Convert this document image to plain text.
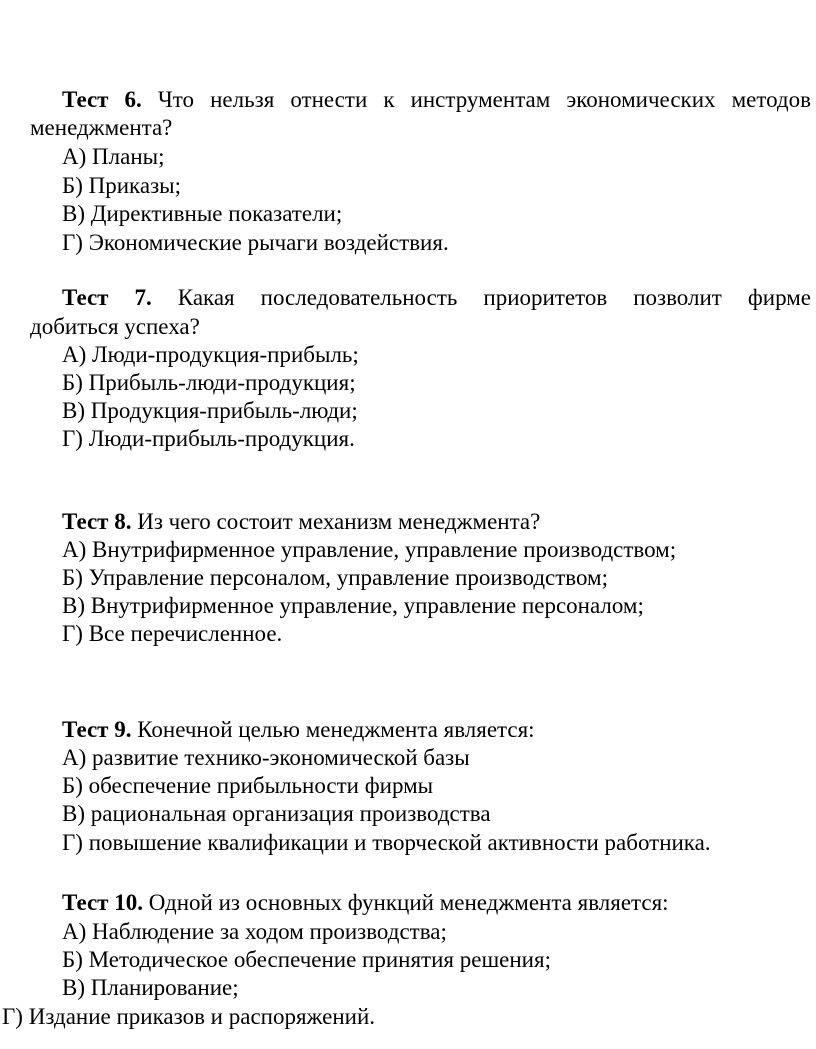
Тест 6. Что нельзя отнести к инструментам экономических методов
менеджмента?
А) Планы;
Б) Приказы;
В) Директивные показатели;
Г) Экономические рычаги воздействия.
Тест 7. Какая последовательность приоритетов позволит фирме
добиться успеха?
А) Люди-продукция-прибыль;
Б) Прибыль-люди-продукция;
В) Продукция-прибыль-люди;
Г) Люди-прибыль-продукция.
Тест 8. Из чего состоит механизм менеджмента?
А) Внутрифирменное управление, управление производством;
Б) Управление персоналом, управление производством;
В) Внутрифирменное управление, управление персоналом;
Г) Все перечисленное.
Тест 9. Конечной целью менеджмента является:
А) развитие технико-экономической базы
Б) обеспечение прибыльности фирмы
В) рациональная организация производства
Г) повышение квалификации и творческой активности работника.
Тест 10. Одной из основных функций менеджмента является:
А) Наблюдение за ходом производства;
Б) Методическое обеспечение принятия решения;
В) Планирование;
Г) Издание приказов и распоряжений.
